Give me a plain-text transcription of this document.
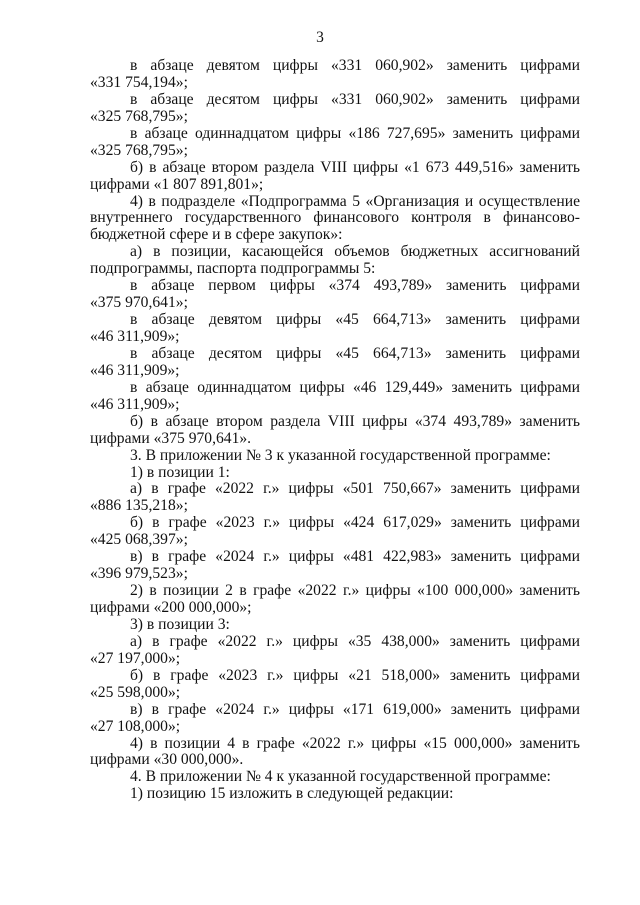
3
в абзаце девятом цифры «331 060,902» заменить цифрами
«331 754,194»;
в абзаце десятом цифры «331 060,902» заменить цифрами
«325 768,795»;
в абзаце одиннадцатом цифры «186 727,695» заменить цифрами
«325 768,795»;
б) в абзаце втором раздела VIII цифры «1 673 449,516» заменить
цифрами «1 807 891,801»;
4) в подразделе «Подпрограмма 5 «Организация и осуществление
внутреннего государственного финансового контроля в финансово-
бюджетной сфере и в сфере закупок»:
а) в позиции, касающейся объемов бюджетных ассигнований
подпрограммы, паспорта подпрограммы 5:
в абзаце первом цифры «374 493,789» заменить цифрами
«375 970,641»;
в абзаце девятом цифры «45 664,713» заменить цифрами
«46 311,909»;
в абзаце десятом цифры «45 664,713» заменить цифрами
«46 311,909»;
в абзаце одиннадцатом цифры «46 129,449» заменить цифрами
«46 311,909»;
б) в абзаце втором раздела VIII цифры «374 493,789» заменить
цифрами «375 970,641».
3. В приложении № 3 к указанной государственной программе:
1) в позиции 1:
а) в графе «2022 г.» цифры «501 750,667» заменить цифрами
«886 135,218»;
б) в графе «2023 г.» цифры «424 617,029» заменить цифрами
«425 068,397»;
в) в графе «2024 г.» цифры «481 422,983» заменить цифрами
«396 979,523»;
2) в позиции 2 в графе «2022 г.» цифры «100 000,000» заменить
цифрами «200 000,000»;
3) в позиции 3:
а) в графе «2022 г.» цифры «35 438,000» заменить цифрами
«27 197,000»;
б) в графе «2023 г.» цифры «21 518,000» заменить цифрами
«25 598,000»;
в) в графе «2024 г.» цифры «171 619,000» заменить цифрами
«27 108,000»;
4) в позиции 4 в графе «2022 г.» цифры «15 000,000» заменить
цифрами «30 000,000».
4. В приложении № 4 к указанной государственной программе:
1) позицию 15 изложить в следующей редакции:
